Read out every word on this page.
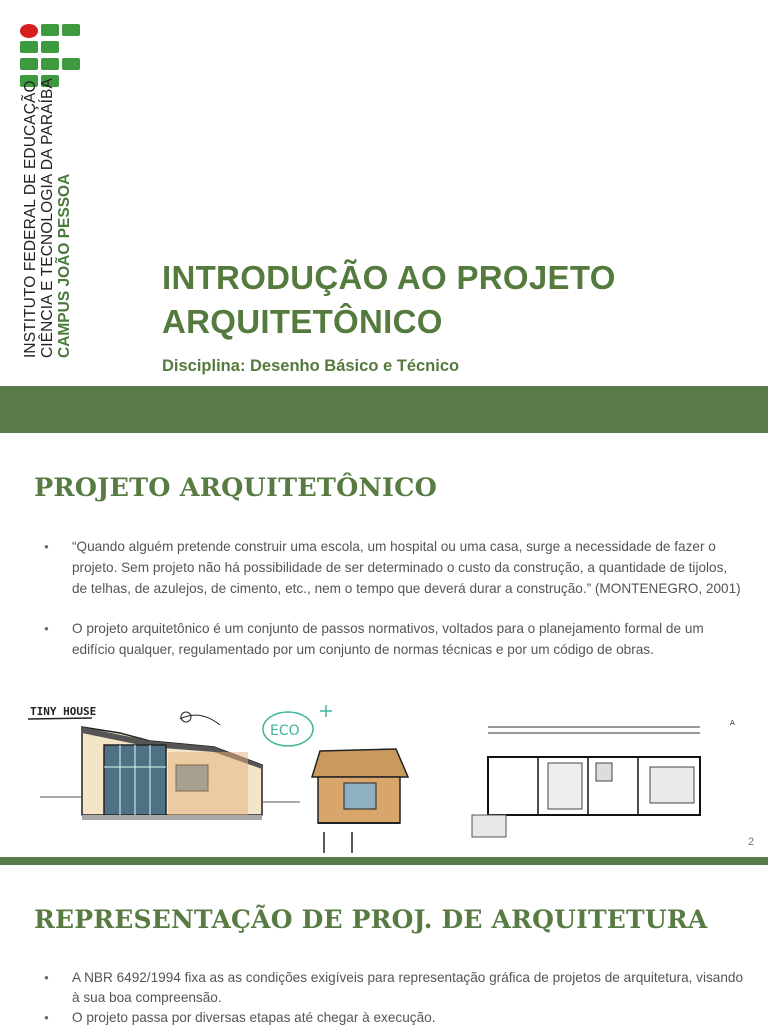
INSTITUTO FEDERAL DE EDUCAÇÃO CIÊNCIA E TECNOLOGIA DA PARAÍBA CAMPUS JOÃO PESSOA	INTRODUÇÃO AO PROJETO
ARQUITETÔNICO
Disciplina: Desenho Básico e Técnico
PROJETO ARQUITETÔNICO
● “Quando alguém pretende construir uma escola, um hospital ou uma casa, surge a necessidade de fazer o projeto. Sem projeto não há possibilidade de ser determinado o custo da construção, a quantidade de tijolos, de telhas, de azulejos, de cimento, etc., nem o tempo que deverá durar a construção.” (MONTENEGRO, 2001)
● O projeto arquitetônico é um conjunto de passos normativos, voltados para o planejamento formal de um edifício qualquer, regulamentado por um conjunto de normas técnicas e por um código de obras.
TINY HOUSE
ECO	A
2
REPRESENTAÇÃO DE PROJ. DE ARQUITETURA
● A NBR 6492/1994 fixa as as condições exigíveis para representação gráfica de projetos de arquitetura, visando à sua boa compreensão.
● O projeto passa por diversas etapas até chegar à execução.
